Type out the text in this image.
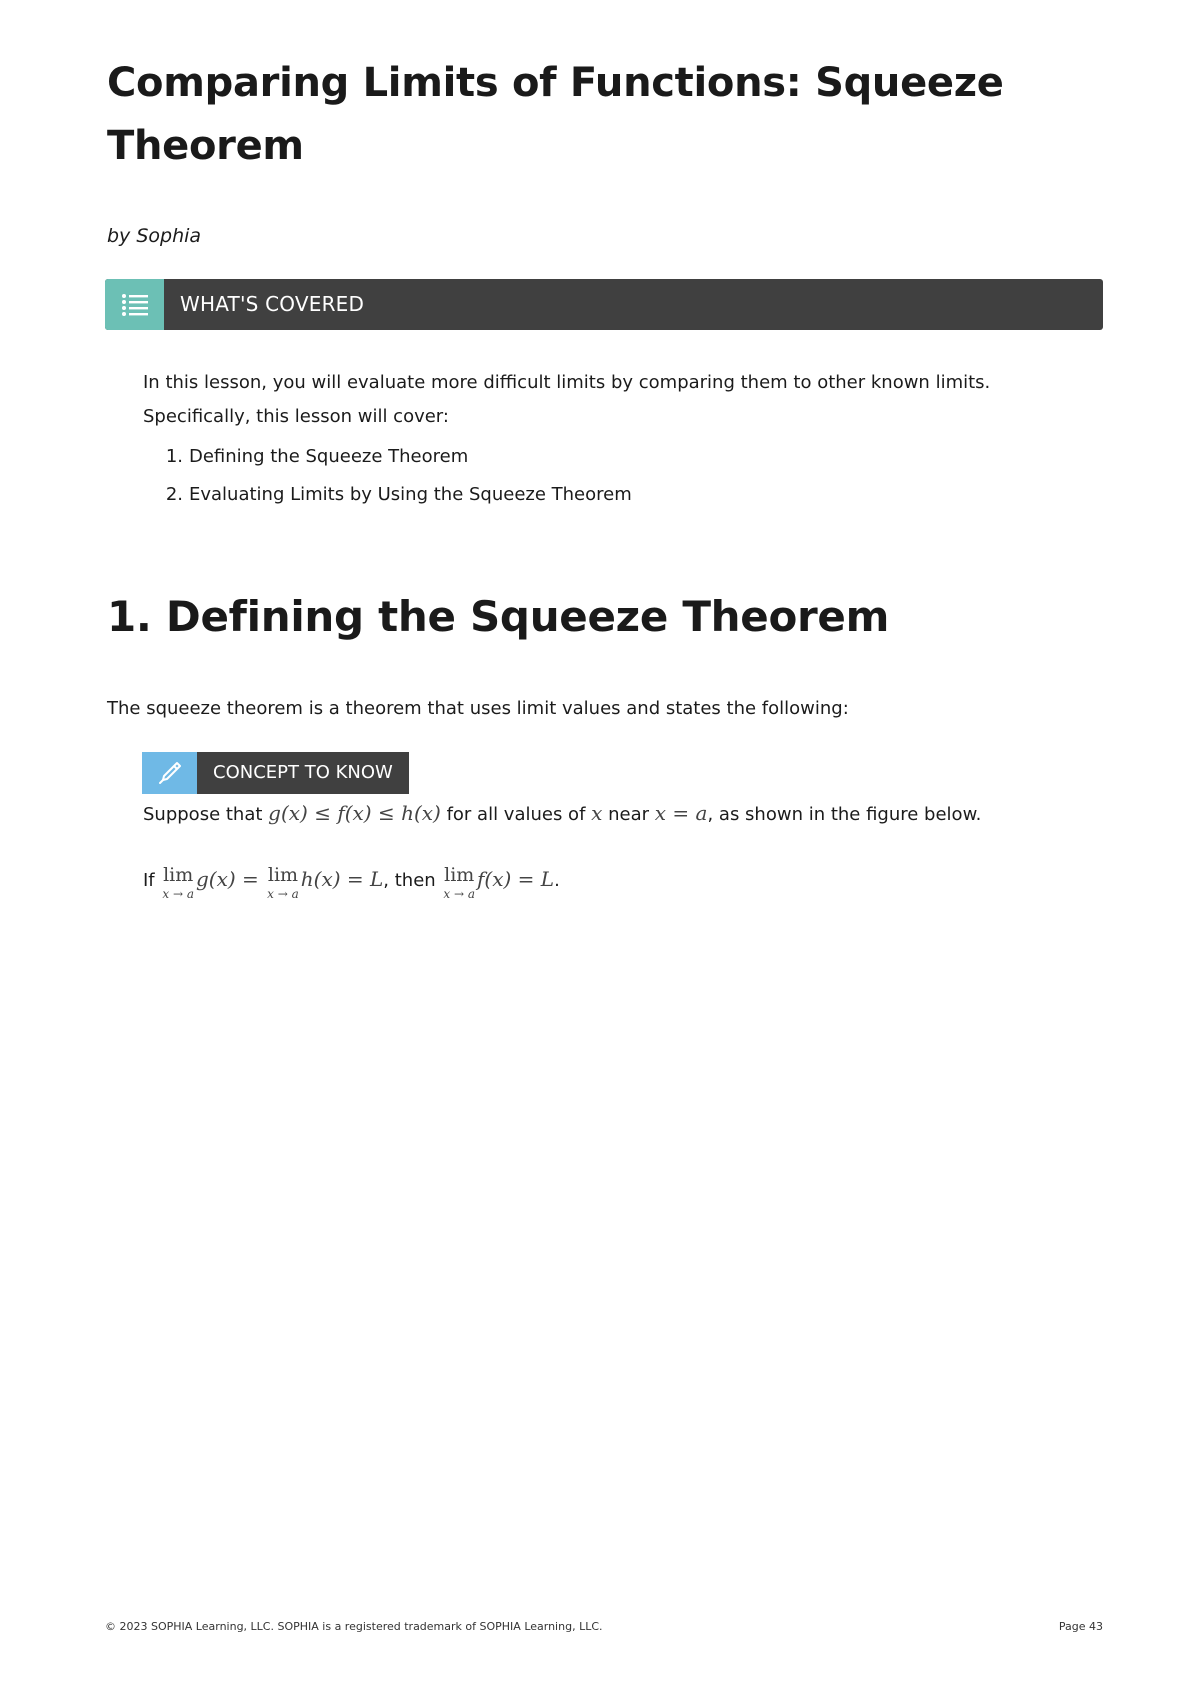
Comparing Limits of Functions: Squeeze Theorem
by Sophia
WHAT'S COVERED

In this lesson, you will evaluate more difficult limits by comparing them to other known limits.

Specifically, this lesson will cover:

1. Defining the Squeeze Theorem
2. Evaluating Limits by Using the Squeeze Theorem
1. Defining the Squeeze Theorem

The squeeze theorem is a theorem that uses limit values and states the following:

CONCEPT TO KNOW
Suppose that g(x) ≤ f(x) ≤ h(x) for all values of x near x = a, as shown in the figure below.
If lim
x → a
g(x) = lim
x → a
h(x) = L, then lim
x → a
f(x) = L.
© 2023 SOPHIA Learning, LLC. SOPHIA is a registered trademark of SOPHIA Learning, LLC.	Page 43
